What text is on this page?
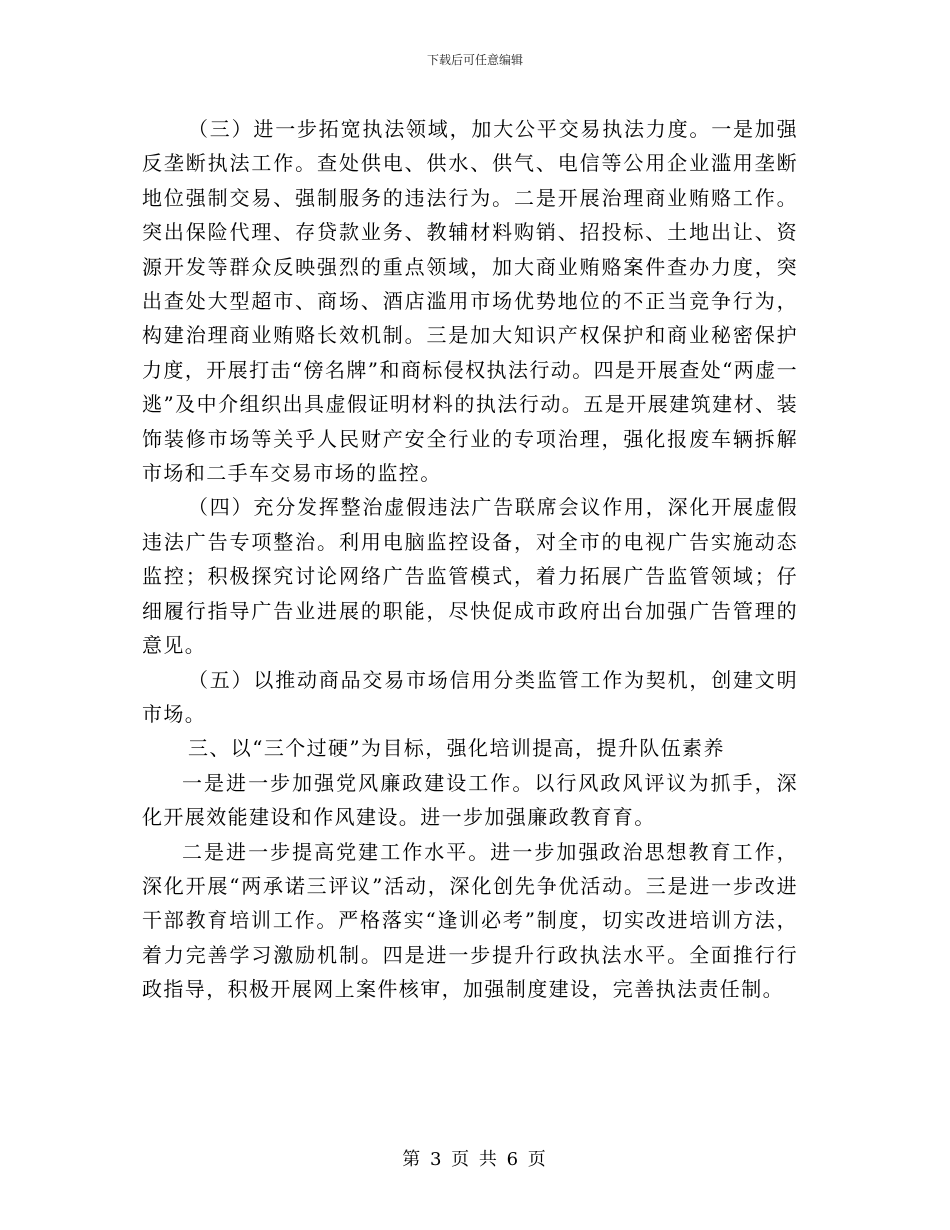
下载后可任意编辑

（三）进一步拓宽执法领域，加大公平交易执法力度。一是加强反垄断执法工作。查处供电、供水、供气、电信等公用企业滥用垄断地位强制交易、强制服务的违法行为。二是开展治理商业贿赂工作。突出保险代理、存贷款业务、教辅材料购销、招投标、土地出让、资源开发等群众反映强烈的重点领域，加大商业贿赂案件查办力度，突出查处大型超市、商场、酒店滥用市场优势地位的不正当竞争行为，构建治理商业贿赂长效机制。三是加大知识产权保护和商业秘密保护力度，开展打击“傍名牌”和商标侵权执法行动。四是开展查处“两虚一逃”及中介组织出具虚假证明材料的执法行动。五是开展建筑建材、装饰装修市场等关乎人民财产安全行业的专项治理，强化报废车辆拆解市场和二手车交易市场的监控。

（四）充分发挥整治虚假违法广告联席会议作用，深化开展虚假违法广告专项整治。利用电脑监控设备，对全市的电视广告实施动态监控；积极探究讨论网络广告监管模式，着力拓展广告监管领域；仔细履行指导广告业进展的职能，尽快促成市政府出台加强广告管理的意见。

（五）以推动商品交易市场信用分类监管工作为契机，创建文明市场。

三、以“三个过硬”为目标，强化培训提高，提升队伍素养

一是进一步加强党风廉政建设工作。以行风政风评议为抓手，深化开展效能建设和作风建设。进一步加强廉政教育育。

二是进一步提高党建工作水平。进一步加强政治思想教育工作，深化开展“两承诺三评议”活动，深化创先争优活动。三是进一步改进干部教育培训工作。严格落实“逢训必考”制度，切实改进培训方法，着力完善学习激励机制。四是进一步提升行政执法水平。全面推行行政指导，积极开展网上案件核审，加强制度建设，完善执法责任制。

第 3 页 共 6 页
